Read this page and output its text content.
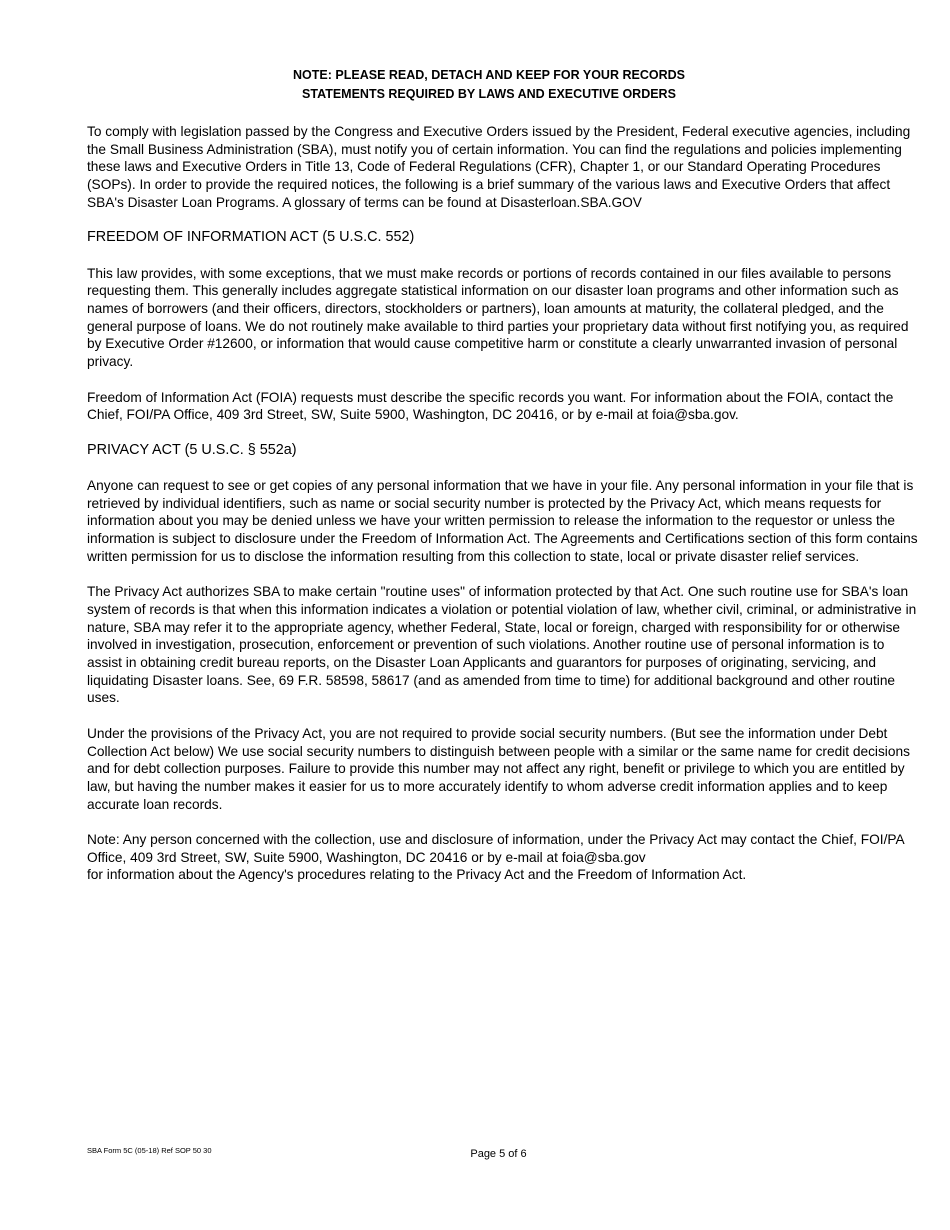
NOTE: PLEASE READ, DETACH AND KEEP FOR YOUR RECORDS
STATEMENTS REQUIRED BY LAWS AND EXECUTIVE ORDERS

To comply with legislation passed by the Congress and Executive Orders issued by the President, Federal executive agencies, including the Small Business Administration (SBA), must notify you of certain information. You can find the regulations and policies implementing these laws and Executive Orders in Title 13, Code of Federal Regulations (CFR), Chapter 1, or our Standard Operating Procedures (SOPs). In order to provide the required notices, the following is a brief summary of the various laws and Executive Orders that affect SBA's Disaster Loan Programs. A glossary of terms can be found at Disasterloan.SBA.GOV

FREEDOM OF INFORMATION ACT (5 U.S.C. 552)

This law provides, with some exceptions, that we must make records or portions of records contained in our files available to persons requesting them. This generally includes aggregate statistical information on our disaster loan programs and other information such as names of borrowers (and their officers, directors, stockholders or partners), loan amounts at maturity, the collateral pledged, and the general purpose of loans. We do not routinely make available to third parties your proprietary data without first notifying you, as required by Executive Order #12600, or information that would cause competitive harm or constitute a clearly unwarranted invasion of personal privacy.

Freedom of Information Act (FOIA) requests must describe the specific records you want. For information about the FOIA, contact the Chief, FOI/PA Office, 409 3rd Street, SW, Suite 5900, Washington, DC 20416, or by e-mail at foia@sba.gov.

PRIVACY ACT (5 U.S.C. § 552a)

Anyone can request to see or get copies of any personal information that we have in your file. Any personal information in your file that is retrieved by individual identifiers, such as name or social security number is protected by the Privacy Act, which means requests for information about you may be denied unless we have your written permission to release the information to the requestor or unless the information is subject to disclosure under the Freedom of Information Act. The Agreements and Certifications section of this form contains written permission for us to disclose the information resulting from this collection to state, local or private disaster relief services.

The Privacy Act authorizes SBA to make certain "routine uses" of information protected by that Act. One such routine use for SBA's loan system of records is that when this information indicates a violation or potential violation of law, whether civil, criminal, or administrative in nature, SBA may refer it to the appropriate agency, whether Federal, State, local or foreign, charged with responsibility for or otherwise involved in investigation, prosecution, enforcement or prevention of such violations. Another routine use of personal information is to assist in obtaining credit bureau reports, on the Disaster Loan Applicants and guarantors for purposes of originating, servicing, and liquidating Disaster loans. See, 69 F.R. 58598, 58617 (and as amended from time to time) for additional background and other routine uses.

Under the provisions of the Privacy Act, you are not required to provide social security numbers. (But see the information under Debt Collection Act below) We use social security numbers to distinguish between people with a similar or the same name for credit decisions and for debt collection purposes. Failure to provide this number may not affect any right, benefit or privilege to which you are entitled by law, but having the number makes it easier for us to more accurately identify to whom adverse credit information applies and to keep accurate loan records.

Note: Any person concerned with the collection, use and disclosure of information, under the Privacy Act may contact the Chief, FOI/PA Office, 409 3rd Street, SW, Suite 5900, Washington, DC 20416 or by e-mail at foia@sba.gov
for information about the Agency's procedures relating to the Privacy Act and the Freedom of Information Act.
SBA Form 5C (05-18) Ref SOP 50 30	Page 5 of 6
